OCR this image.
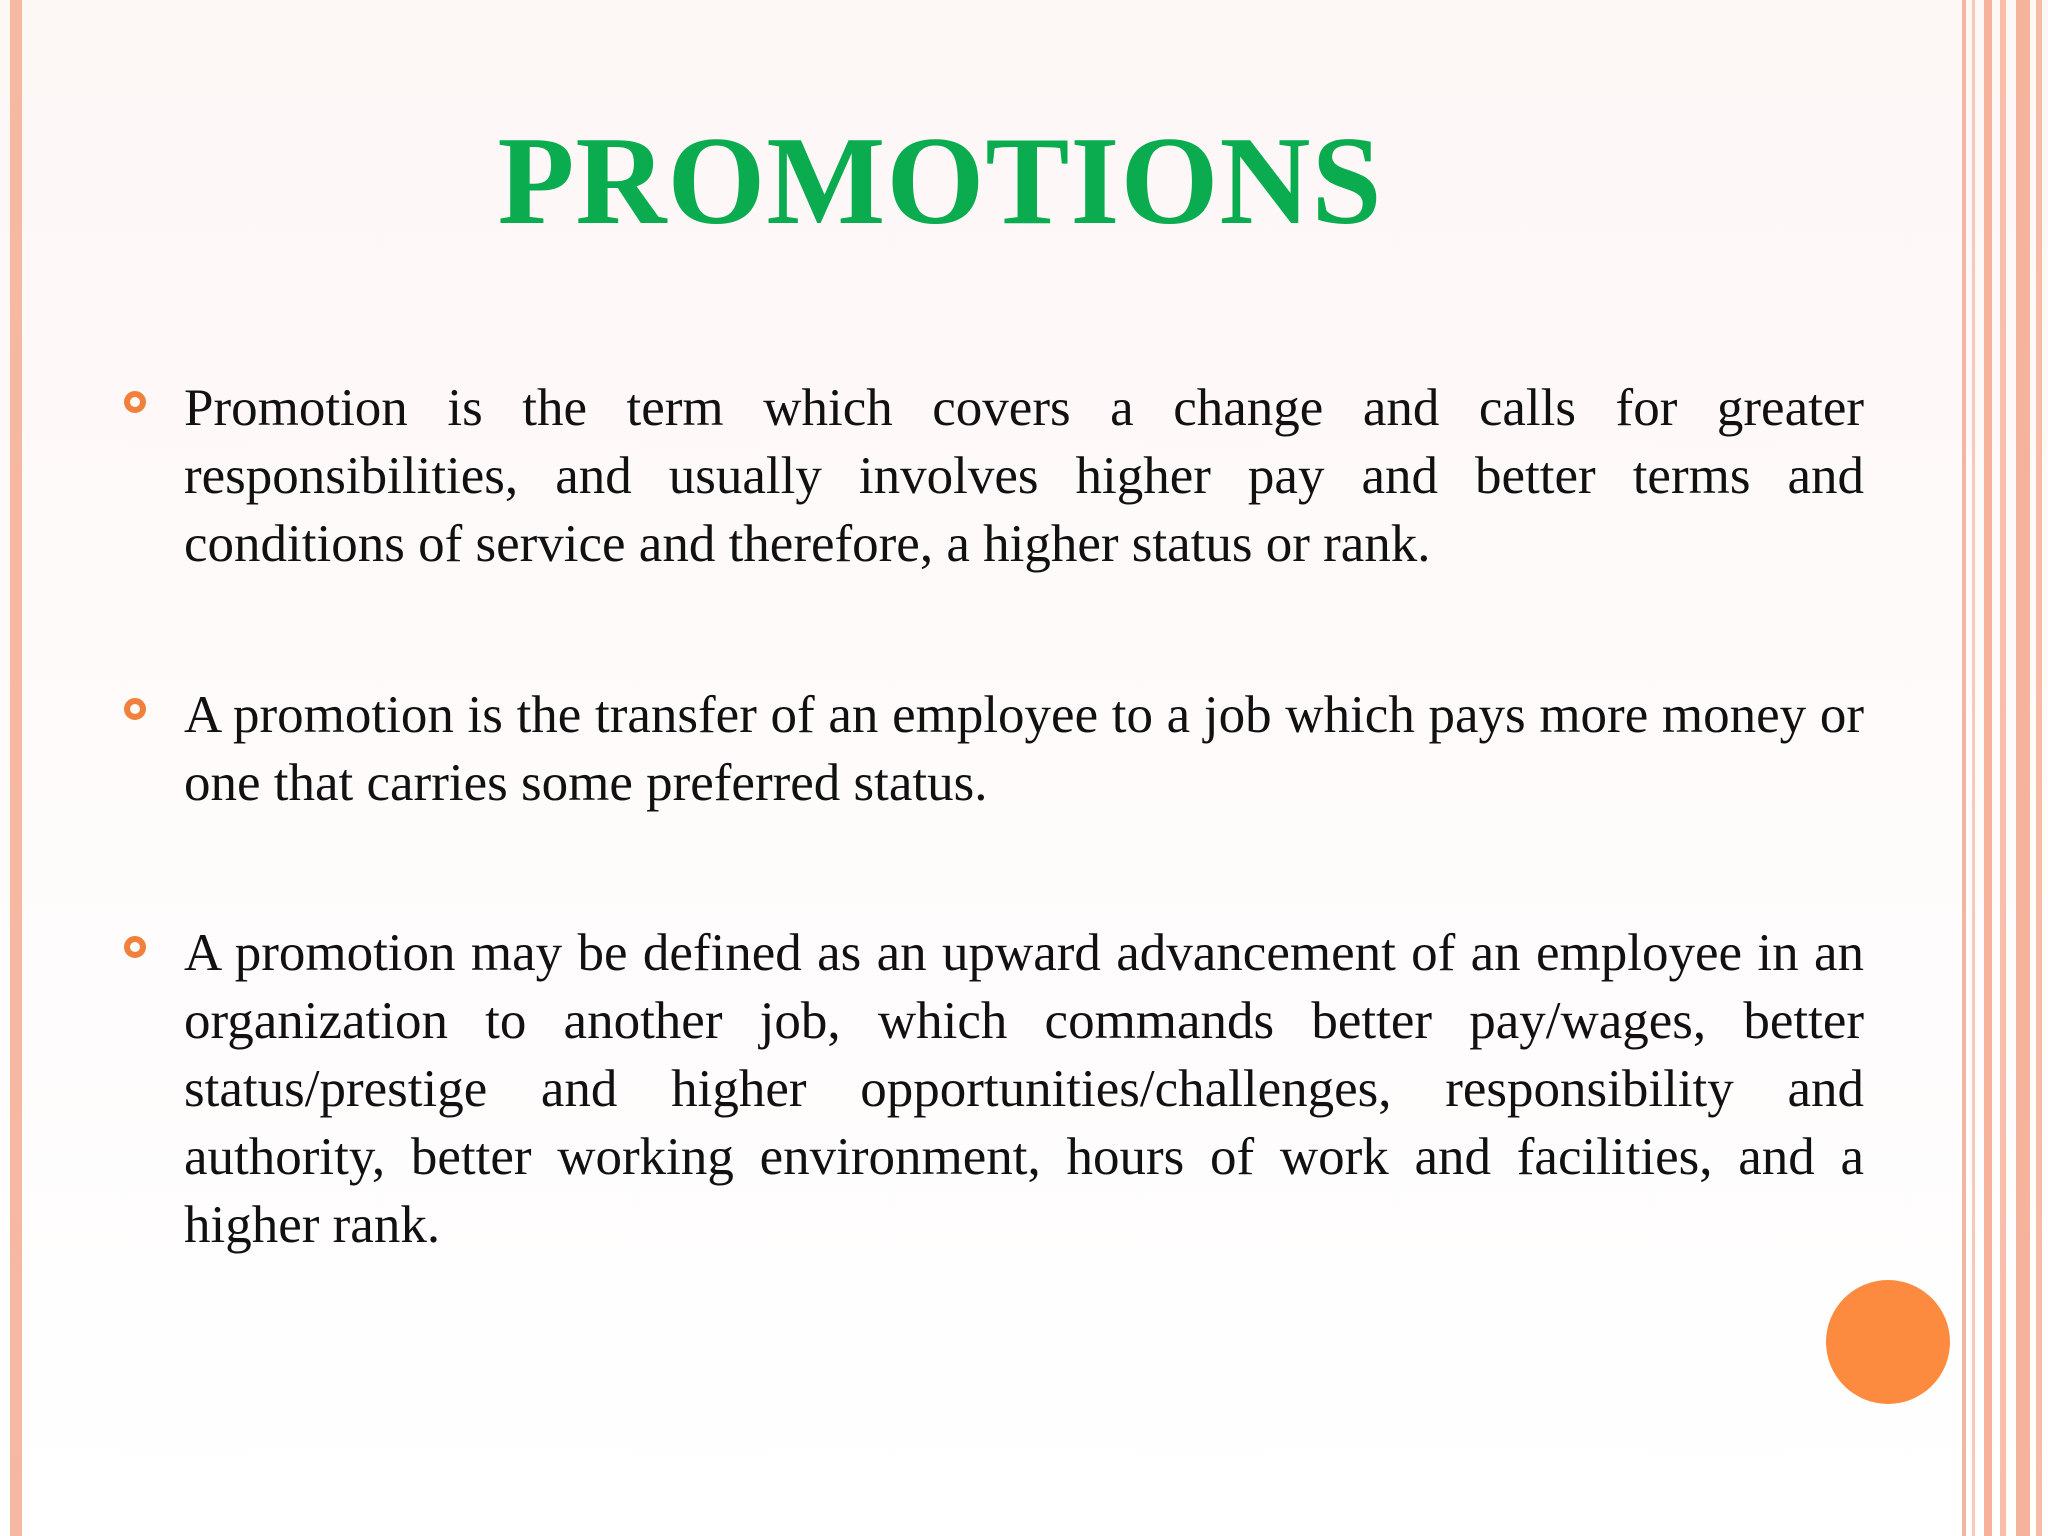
PROMOTIONS
Promotion is the term which covers a change and calls for greater responsibilities, and usually involves higher pay and better terms and conditions of service and therefore, a higher status or rank.
A promotion is the transfer of an employee to a job which pays more money or one that carries some preferred status.
A promotion may be defined as an upward advancement of an employee in an organization to another job, which commands better pay/wages, better status/prestige and higher opportunities/challenges, responsibility and authority, better working environment, hours of work and facilities, and a higher rank.
